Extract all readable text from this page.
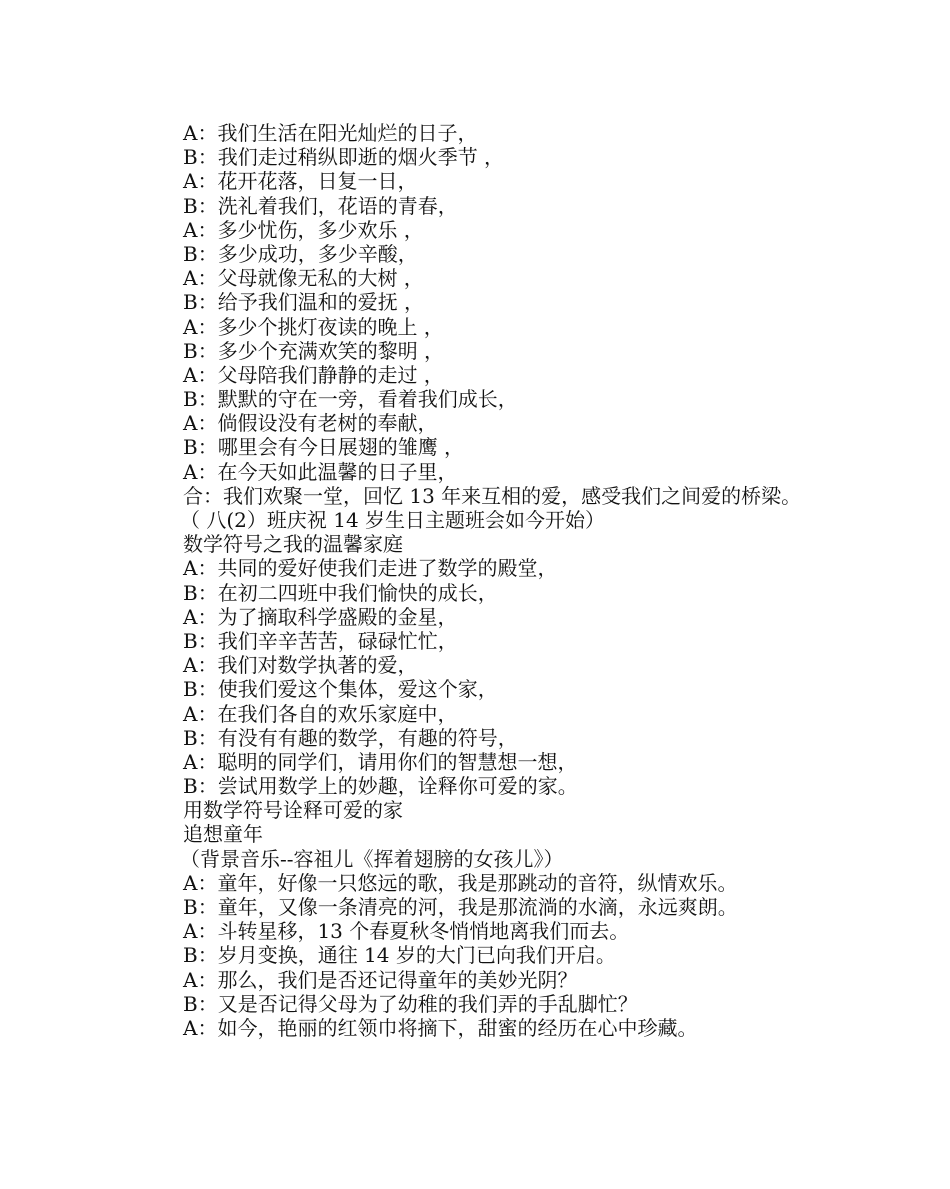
A：我们生活在阳光灿烂的日子，
B：我们走过稍纵即逝的烟火季节 ，
A：花开花落，日复一日，
B：洗礼着我们，花语的青春，
A：多少忧伤，多少欢乐 ，
B：多少成功，多少辛酸，
A：父母就像无私的大树 ，
B：给予我们温和的爱抚 ，
A：多少个挑灯夜读的晚上 ，
B：多少个充满欢笑的黎明 ，
A：父母陪我们静静的走过 ，
B：默默的守在一旁，看着我们成长，
A：倘假设没有老树的奉献，
B：哪里会有今日展翅的雏鹰 ，
A：在今天如此温馨的日子里，
合：我们欢聚一堂，回忆 13 年来互相的爱，感受我们之间爱的桥梁。
（ 八(2）班庆祝 14 岁生日主题班会如今开始）
数学符号之我的温馨家庭
A：共同的爱好使我们走进了数学的殿堂，
B：在初二四班中我们愉快的成长，
A：为了摘取科学盛殿的金星，
B：我们辛辛苦苦，碌碌忙忙，
A：我们对数学执著的爱，
B：使我们爱这个集体，爱这个家，
A：在我们各自的欢乐家庭中，
B：有没有有趣的数学，有趣的符号，
A：聪明的同学们，请用你们的智慧想一想，
B：尝试用数学上的妙趣，诠释你可爱的家。
用数学符号诠释可爱的家
追想童年
（背景音乐--容祖儿《挥着翅膀的女孩儿》）
A：童年，好像一只悠远的歌，我是那跳动的音符，纵情欢乐。
B：童年，又像一条清亮的河，我是那流淌的水滴，永远爽朗。
A：斗转星移，13 个春夏秋冬悄悄地离我们而去。
B：岁月变换，通往 14 岁的大门已向我们开启。
A：那么，我们是否还记得童年的美妙光阴？
B：又是否记得父母为了幼稚的我们弄的手乱脚忙？
A：如今，艳丽的红领巾将摘下，甜蜜的经历在心中珍藏。
